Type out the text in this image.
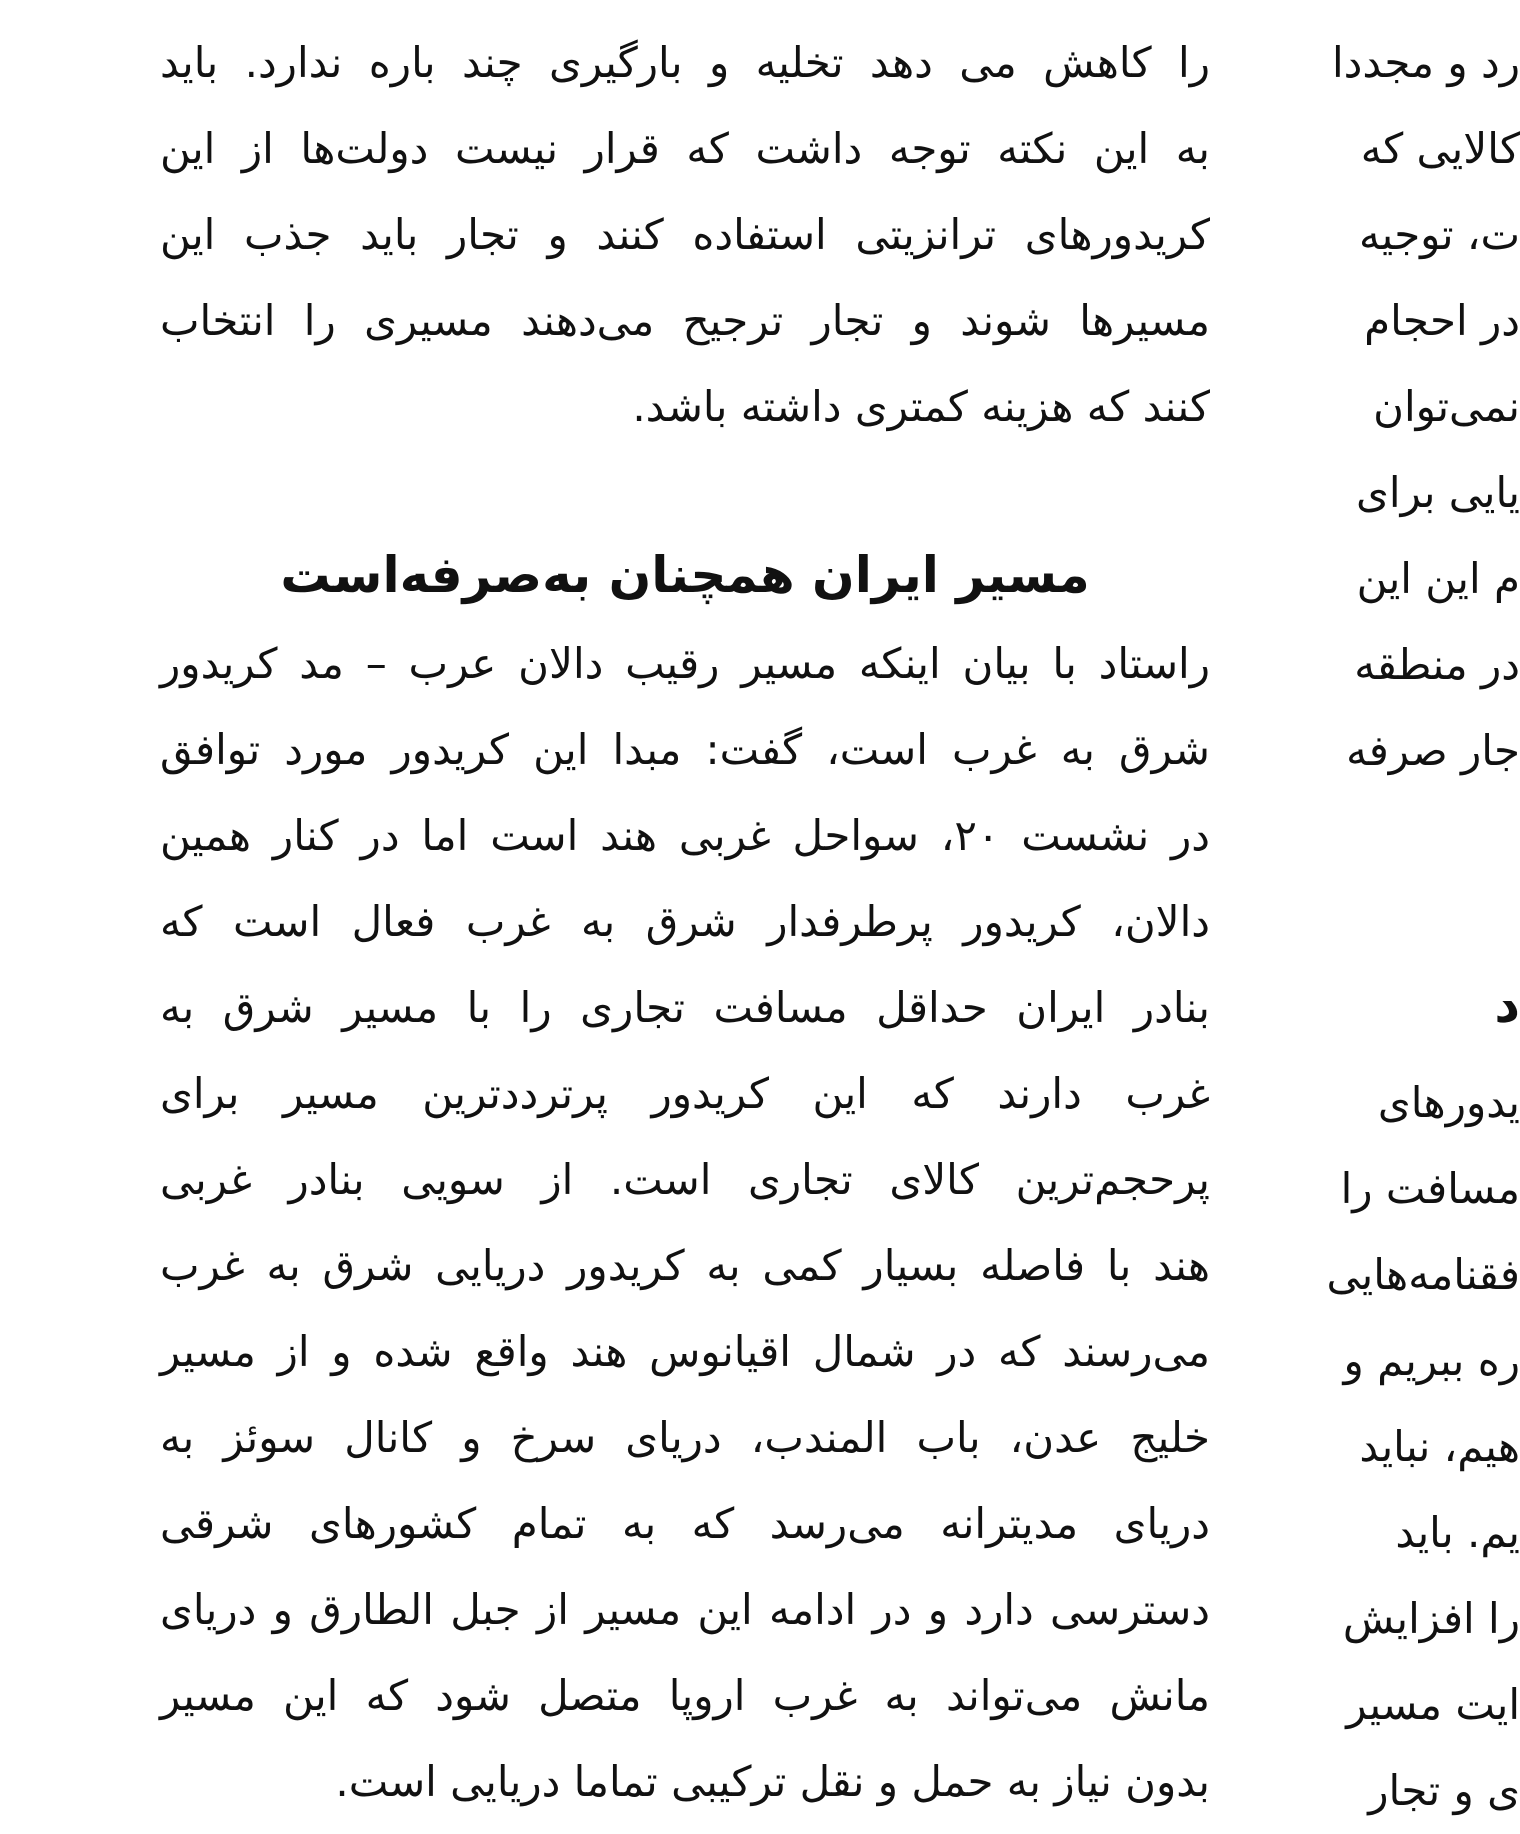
را کاهش می دهد تخلیه و بارگیری چند باره ندارد. باید
به این نکته توجه داشت که قرار نیست دولت‌ها از این
کریدورهای ترانزیتی استفاده کنند و تجار باید جذب این
مسیرها شوند و تجار ترجیح می‌دهند مسیری را انتخاب
کنند که هزینه کمتری داشته باشد.
مسیر ایران همچنان به‌صرفه‌است
راستاد با بیان اینکه مسیر رقیب دالان عرب – مد کریدور
شرق به غرب است، گفت: مبدا این کریدور مورد توافق
در نشست ۲۰، سواحل غربی هند است اما در کنار همین
دالان، کریدور پرطرفدار شرق به غرب فعال است که
بنادر ایران حداقل مسافت تجاری را با مسیر شرق به
غرب دارند که این کریدور پرترددترین مسیر برای
پرحجم‌ترین کالای تجاری است. از سویی بنادر غربی
هند با فاصله بسیار کمی به کریدور دریایی شرق به غرب
می‌رسند که در شمال اقیانوس هند واقع شده و از مسیر
خلیج عدن، باب المندب، دریای سرخ و کانال سوئز به
دریای مدیترانه می‌رسد که به تمام کشورهای شرقی
دسترسی دارد و در ادامه این مسیر از جبل الطارق و دریای
مانش می‌تواند به غرب اروپا متصل شود که این مسیر
بدون نیاز به حمل و نقل ترکیبی تماما دریایی است.
رد و مجددا
کالایی که
ت، توجیه
در احجام
نمی‌توان
یایی برای
م این این
در منطقه
جار صرفه
د
یدورهای
مسافت را
فقنامه‌هایی
ره ببریم و
هیم، نباید
یم. باید
را افزایش
ایت مسیر
ی و تجار
